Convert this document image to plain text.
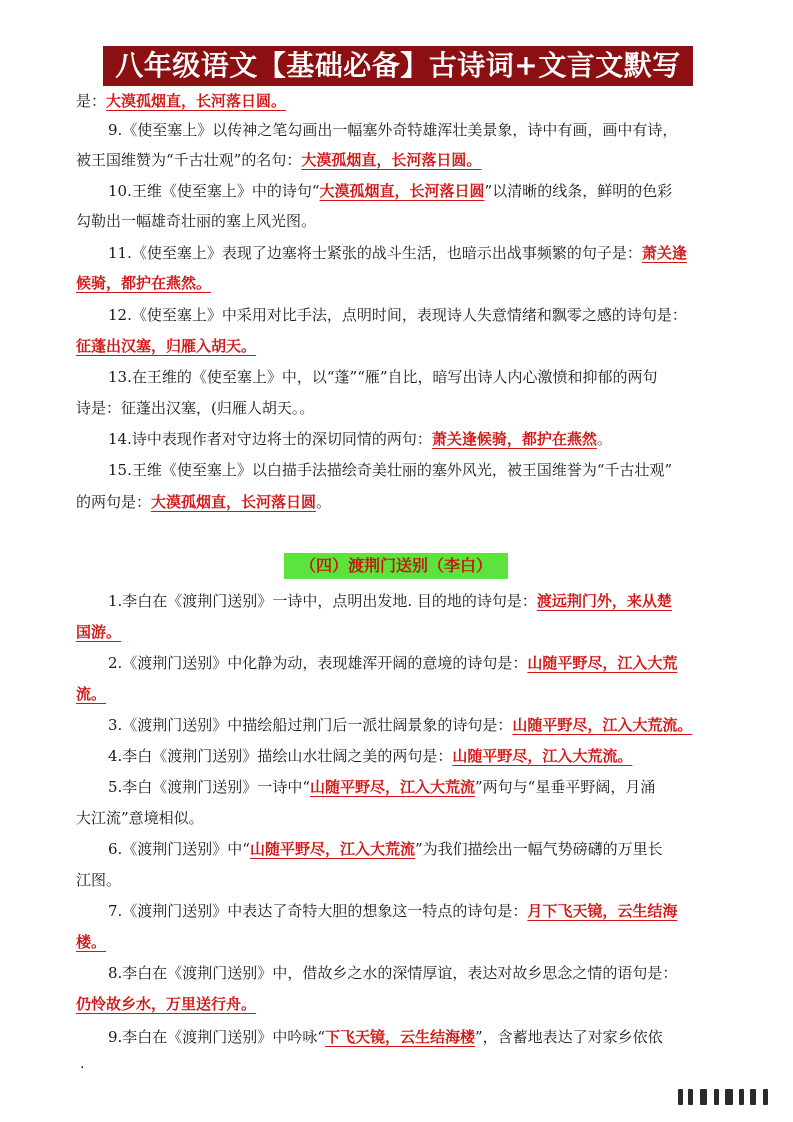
八年级语文【基础必备】古诗词+文言文默写
是：大漠孤烟直，长河落日圆。
9.《使至塞上》以传神之笔勾画出一幅塞外奇特雄浑壮美景象，诗中有画，画中有诗，
被王国维赞为“千古壮观”的名句：大漠孤烟直，长河落日圆。
10.王维《使至塞上》中的诗句“大漠孤烟直，长河落日圆”以清晰的线条，鲜明的色彩
勾勒出一幅雄奇壮丽的塞上风光图。
11.《使至塞上》表现了边塞将士紧张的战斗生活，也暗示出战事频繁的句子是：萧关逢
候骑，都护在燕然。
12.《使至塞上》中采用对比手法，点明时间，表现诗人失意情绪和飘零之感的诗句是：
征蓬出汉塞，归雁入胡天。
13.在王维的《使至塞上》中，以“蓬”“雁”自比，暗写出诗人内心激愤和抑郁的两句
诗是：征蓬出汉塞，(归雁人胡天。。
14.诗中表现作者对守边将士的深切同情的两句：萧关逢候骑，都护在燕然。
15.王维《使至塞上》以白描手法描绘奇美壮丽的塞外风光，被王国维誉为“千古壮观”
的两句是：大漠孤烟直，长河落日圆。
1.李白在《渡荆门送别》一诗中，点明出发地. 目的地的诗句是：渡远荆门外，来从楚
国游。
2.《渡荆门送别》中化静为动，表现雄浑开阔的意境的诗句是：山随平野尽，江入大荒
流。
3.《渡荆门送别》中描绘船过荆门后一派壮阔景象的诗句是：山随平野尽，江入大荒流。
4.李白《渡荆门送别》描绘山水壮阔之美的两句是：山随平野尽，江入大荒流。
5.李白《渡荆门送别》一诗中“山随平野尽，江入大荒流”两句与“星垂平野阔，月涌
大江流”意境相似。
6.《渡荆门送别》中“山随平野尽，江入大荒流”为我们描绘出一幅气势磅礴的万里长
江图。
7.《渡荆门送别》中表达了奇特大胆的想象这一特点的诗句是：月下飞天镜，云生结海
楼。
8.李白在《渡荆门送别》中，借故乡之水的深情厚谊，表达对故乡思念之情的语句是：
仍怜故乡水，万里送行舟。
9.李白在《渡荆门送别》中吟咏“下飞天镜，云生结海楼”，含蓄地表达了对家乡依依
.
（四）渡荆门送别（李白）
